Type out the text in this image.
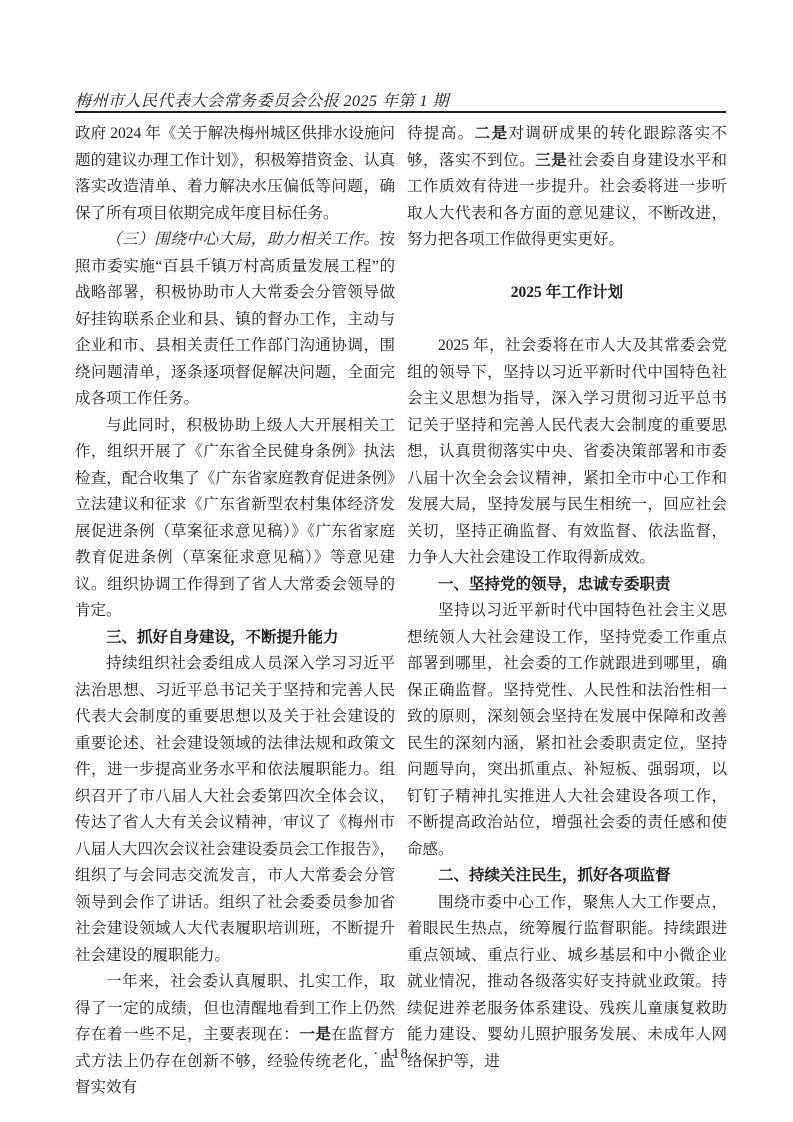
梅州市人民代表大会常务委员会公报 2025 年第 1 期

政府 2024 年《关于解决梅州城区供排水设施问题的建议办理工作计划》，积极筹措资金、认真落实改造清单、着力解决水压偏低等问题，确保了所有项目依期完成年度目标任务。

（三）围绕中心大局，助力相关工作。按照市委实施“百县千镇万村高质量发展工程”的战略部署，积极协助市人大常委会分管领导做好挂钩联系企业和县、镇的督办工作，主动与企业和市、县相关责任工作部门沟通协调，围绕问题清单，逐条逐项督促解决问题，全面完成各项工作任务。

与此同时，积极协助上级人大开展相关工作，组织开展了《广东省全民健身条例》执法检查，配合收集了《广东省家庭教育促进条例》立法建议和征求《广东省新型农村集体经济发展促进条例（草案征求意见稿）》《广东省家庭教育促进条例（草案征求意见稿）》等意见建议。组织协调工作得到了省人大常委会领导的肯定。

三、抓好自身建设，不断提升能力

持续组织社会委组成人员深入学习习近平法治思想、习近平总书记关于坚持和完善人民代表大会制度的重要思想以及关于社会建设的重要论述、社会建设领域的法律法规和政策文件，进一步提高业务水平和依法履职能力。组织召开了市八届人大社会委第四次全体会议，传达了省人大有关会议精神，审议了《梅州市八届人大四次会议社会建设委员会工作报告》，组织了与会同志交流发言，市人大常委会分管领导到会作了讲话。组织了社会委委员参加省社会建设领域人大代表履职培训班，不断提升社会建设的履职能力。

一年来，社会委认真履职、扎实工作，取得了一定的成绩，但也清醒地看到工作上仍然存在着一些不足，主要表现在：一是在监督方式方法上仍存在创新不够，经验传统老化，监督实效有

待提高。二是对调研成果的转化跟踪落实不够，落实不到位。三是社会委自身建设水平和工作质效有待进一步提升。社会委将进一步听取人大代表和各方面的意见建议，不断改进，努力把各项工作做得更实更好。

2025 年工作计划

2025 年，社会委将在市人大及其常委会党组的领导下，坚持以习近平新时代中国特色社会主义思想为指导，深入学习贯彻习近平总书记关于坚持和完善人民代表大会制度的重要思想，认真贯彻落实中央、省委决策部署和市委八届十次全会会议精神，紧扣全市中心工作和发展大局，坚持发展与民生相统一，回应社会关切，坚持正确监督、有效监督、依法监督，力争人大社会建设工作取得新成效。

一、坚持党的领导，忠诚专委职责

坚持以习近平新时代中国特色社会主义思想统领人大社会建设工作，坚持党委工作重点部署到哪里，社会委的工作就跟进到哪里，确保正确监督。坚持党性、人民性和法治性相一致的原则，深刻领会坚持在发展中保障和改善民生的深刻内涵，紧扣社会委职责定位，坚持问题导向，突出抓重点、补短板、强弱项，以钉钉子精神扎实推进人大社会建设各项工作，不断提高政治站位，增强社会委的责任感和使命感。

二、持续关注民生，抓好各项监督

围绕市委中心工作，聚焦人大工作要点，着眼民生热点，统筹履行监督职能。持续跟进重点领域、重点行业、城乡基层和中小微企业就业情况，推动各级落实好支持就业政策。持续促进养老服务体系建设、残疾儿童康复救助能力建设、婴幼儿照护服务发展、未成年人网络保护等，进

· 118 ·
